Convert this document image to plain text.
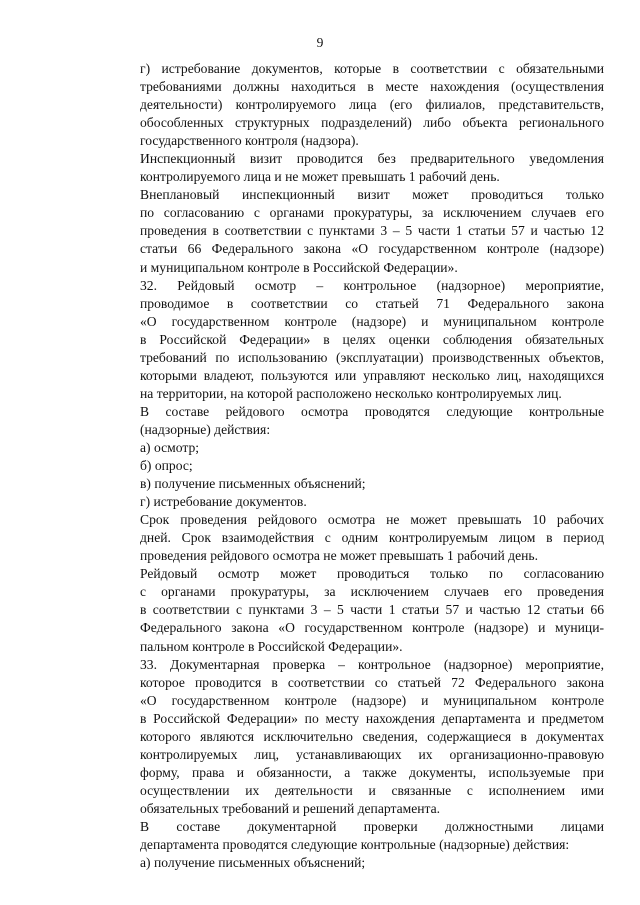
9

г) истребование документов, которые в соответствии с обязательными
требованиями должны находиться в месте нахождения (осуществления
деятельности) контролируемого лица (его филиалов, представительств,
обособленных структурных подразделений) либо объекта регионального
государственного контроля (надзора).

Инспекционный визит проводится без предварительного уведомления
контролируемого лица и не может превышать 1 рабочий день.

Внеплановый инспекционный визит может проводиться только
по согласованию с органами прокуратуры, за исключением случаев его
проведения в соответствии с пунктами 3 – 5 части 1 статьи 57 и частью 12
статьи 66 Федерального закона «О государственном контроле (надзоре)
и муниципальном контроле в Российской Федерации».

32. Рейдовый осмотр – контрольное (надзорное) мероприятие,
проводимое в соответствии со статьей 71 Федерального закона
«О государственном контроле (надзоре) и муниципальном контроле
в Российской Федерации» в целях оценки соблюдения обязательных
требований по использованию (эксплуатации) производственных объектов,
которыми владеют, пользуются или управляют несколько лиц, находящихся
на территории, на которой расположено несколько контролируемых лиц.

В составе рейдового осмотра проводятся следующие контрольные
(надзорные) действия:

а) осмотр;

б) опрос;

в) получение письменных объяснений;

г) истребование документов.

Срок проведения рейдового осмотра не может превышать 10 рабочих
дней. Срок взаимодействия с одним контролируемым лицом в период
проведения рейдового осмотра не может превышать 1 рабочий день.

Рейдовый осмотр может проводиться только по согласованию
с органами прокуратуры, за исключением случаев его проведения
в соответствии с пунктами 3 – 5 части 1 статьи 57 и частью 12 статьи 66
Федерального закона «О государственном контроле (надзоре) и муници-
пальном контроле в Российской Федерации».

33. Документарная проверка – контрольное (надзорное) мероприятие,
которое проводится в соответствии со статьей 72 Федерального закона
«О государственном контроле (надзоре) и муниципальном контроле
в Российской Федерации» по месту нахождения департамента и предметом
которого являются исключительно сведения, содержащиеся в документах
контролируемых лиц, устанавливающих их организационно-правовую
форму, права и обязанности, а также документы, используемые при
осуществлении их деятельности и связанные с исполнением ими
обязательных требований и решений департамента.

В составе документарной проверки должностными лицами
департамента проводятся следующие контрольные (надзорные) действия:

а) получение письменных объяснений;
